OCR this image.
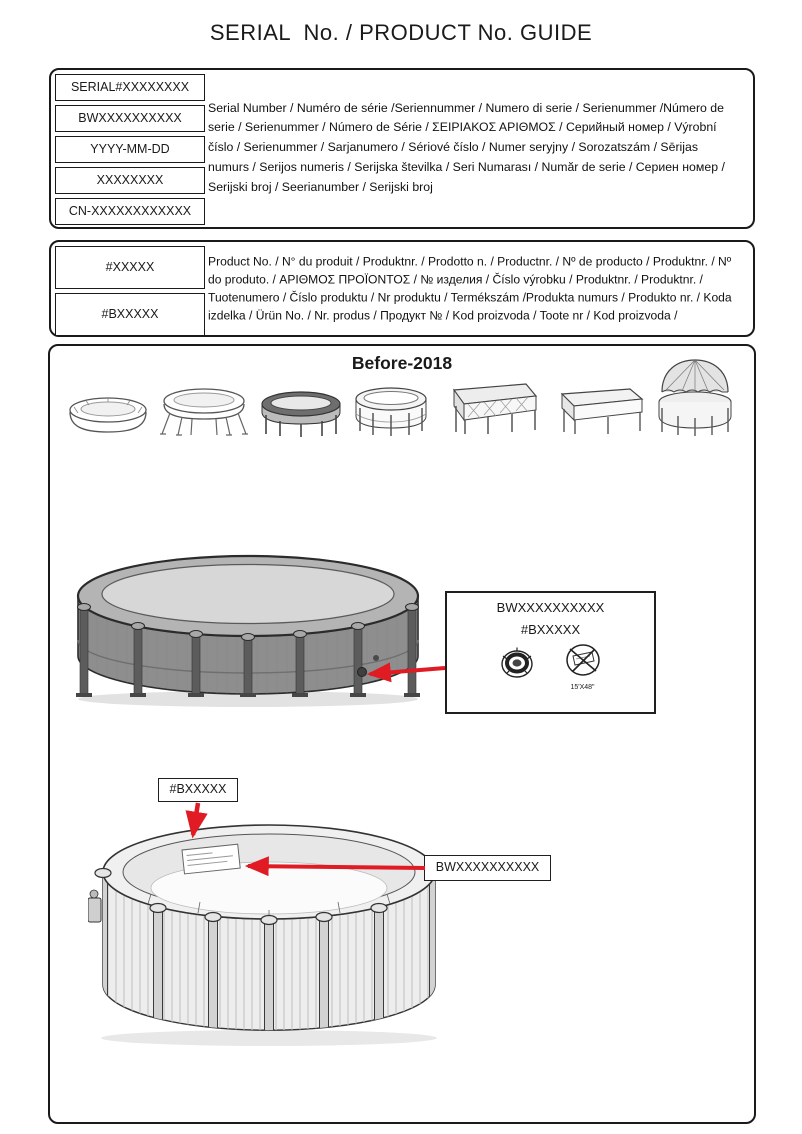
SERIAL  No. / PRODUCT No. GUIDE
SERIAL#XXXXXXXX
BWXXXXXXXXXX
YYYY-MM-DD
XXXXXXXX
CN-XXXXXXXXXXXX

Serial Number / Numéro de série /Seriennummer / Numero di serie / Serienummer /Número de serie / Serienummer / Número de Série / ΣΕΙΡΙΑΚΟΣ ΑΡΙΘΜΟΣ / Серийный номер / Výrobní číslo / Serienummer / Sarjanumero / Sériové číslo / Numer seryjny / Sorozatszám / Sērijas numurs / Serijos numeris / Serijska številka / Seri Numarası / Număr de serie / Сериен номер / Serijski broj / Seerianumber / Serijski broj

#XXXXX
#BXXXXX

Product No. / N° du produit / Produktnr. / Prodotto n. / Productnr. / Nº de producto / Produktnr. / Nº do produto. / ΑΡΙΘΜΟΣ ΠΡΟΪΟΝΤΟΣ / № изделия / Číslo výrobku / Produktnr. / Produktnr. / Tuotenumero / Číslo produktu / Nr produktu / Termékszám /Produkta numurs / Produkto nr. / Koda izdelka / Ürün No. / Nr. produs / Продукт № / Kod proizvoda / Toote nr / Kod proizvoda /

Before-2018
BWXXXXXXXXXX
#BXXXXX
15'X48"
#BXXXXX
BWXXXXXXXXXX
